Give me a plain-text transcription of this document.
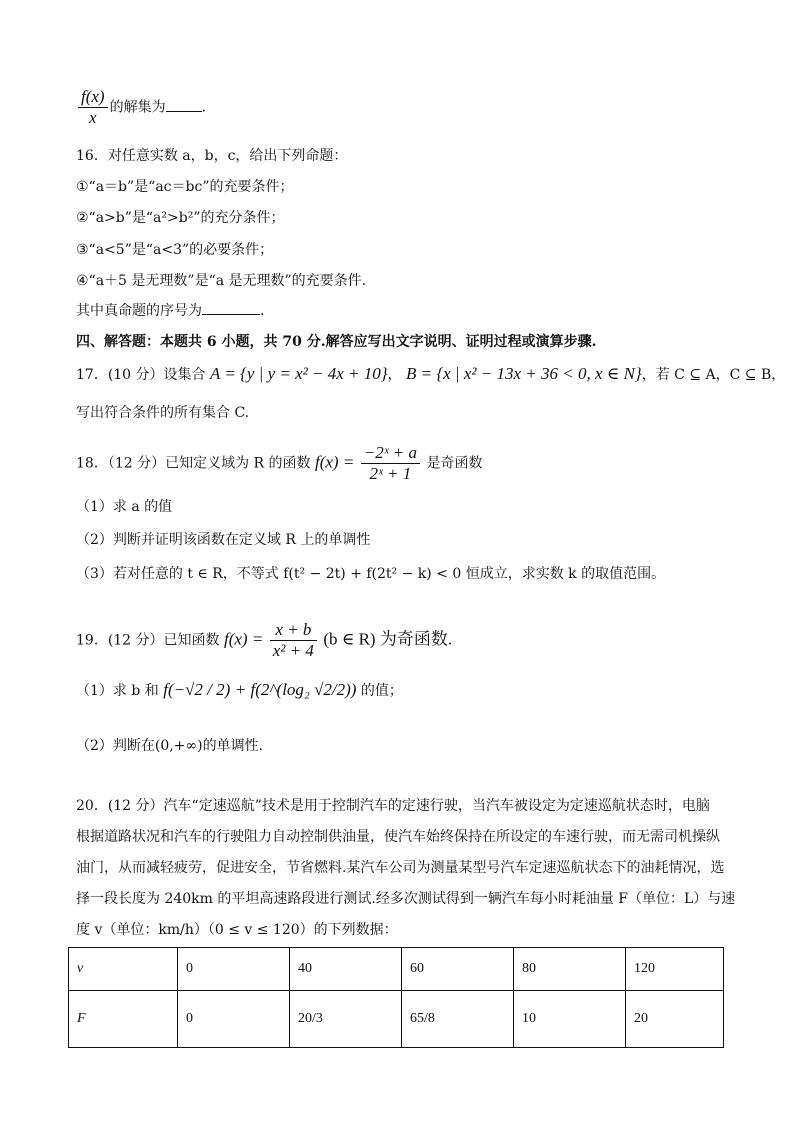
$\frac{f(x)}{x}$ 的解集为	.
16．对任意实数 a，b，c，给出下列命题：
①“a＝b”是“ac＝bc”的充要条件；
②“a>b”是“a²>b²”的充分条件；
③“a<5”是“a<3”的必要条件；
④“a＋5 是无理数”是“a 是无理数”的充要条件．
其中真命题的序号为	.
四、解答题：本题共 6 小题，共 70 分.解答应写出文字说明、证明过程或演算步骤.
17．(10 分）设集合 A = {y | y = x² − 4x + 10}， B = {x | x² − 13x + 36 < 0, x ∈ N}，若 C ⊆ A，C ⊆ B，
写出符合条件的所有集合 C.
18．（12 分）已知定义域为 R 的函数 $f(x) = \frac{\text{−2ˣ + a}}{\text{2ˣ + 1}}$ 是奇函数
（1）求 a 的值
（2）判断并证明该函数在定义域 R 上的单调性
（3）若对任意的 t ∈ R，不等式 f(t² − 2t) + f(2t² − k) < 0 恒成立，求实数 k 的取值范围。
19．(12 分）已知函数 $f(x) = \frac{x + b}{\text{x² + 4}} (b$ ∈ R) 为奇函数.
（1）求 b 和 f(−√2 / 2) + f(2^(log₂ √2/2)) 的值；
（2）判断在(0,+∞)的单调性.
20．(12 分）汽车“定速巡航”技术是用于控制汽车的定速行驶，当汽车被设定为定速巡航状态时，电脑
根据道路状况和汽车的行驶阻力自动控制供油量，使汽车始终保持在所设定的车速行驶，而无需司机操纵
油门，从而减轻疲劳，促进安全，节省燃料.某汽车公司为测量某型号汽车定速巡航状态下的油耗情况，选
择一段长度为 240km 的平坦高速路段进行测试.经多次测试得到一辆汽车每小时耗油量 F（单位：L）与速
度 v（单位：km/h）（0 ≤ v ≤ 120）的下列数据：
v	0	40	60	80	120
F	0	20/3	65/8	10	20
